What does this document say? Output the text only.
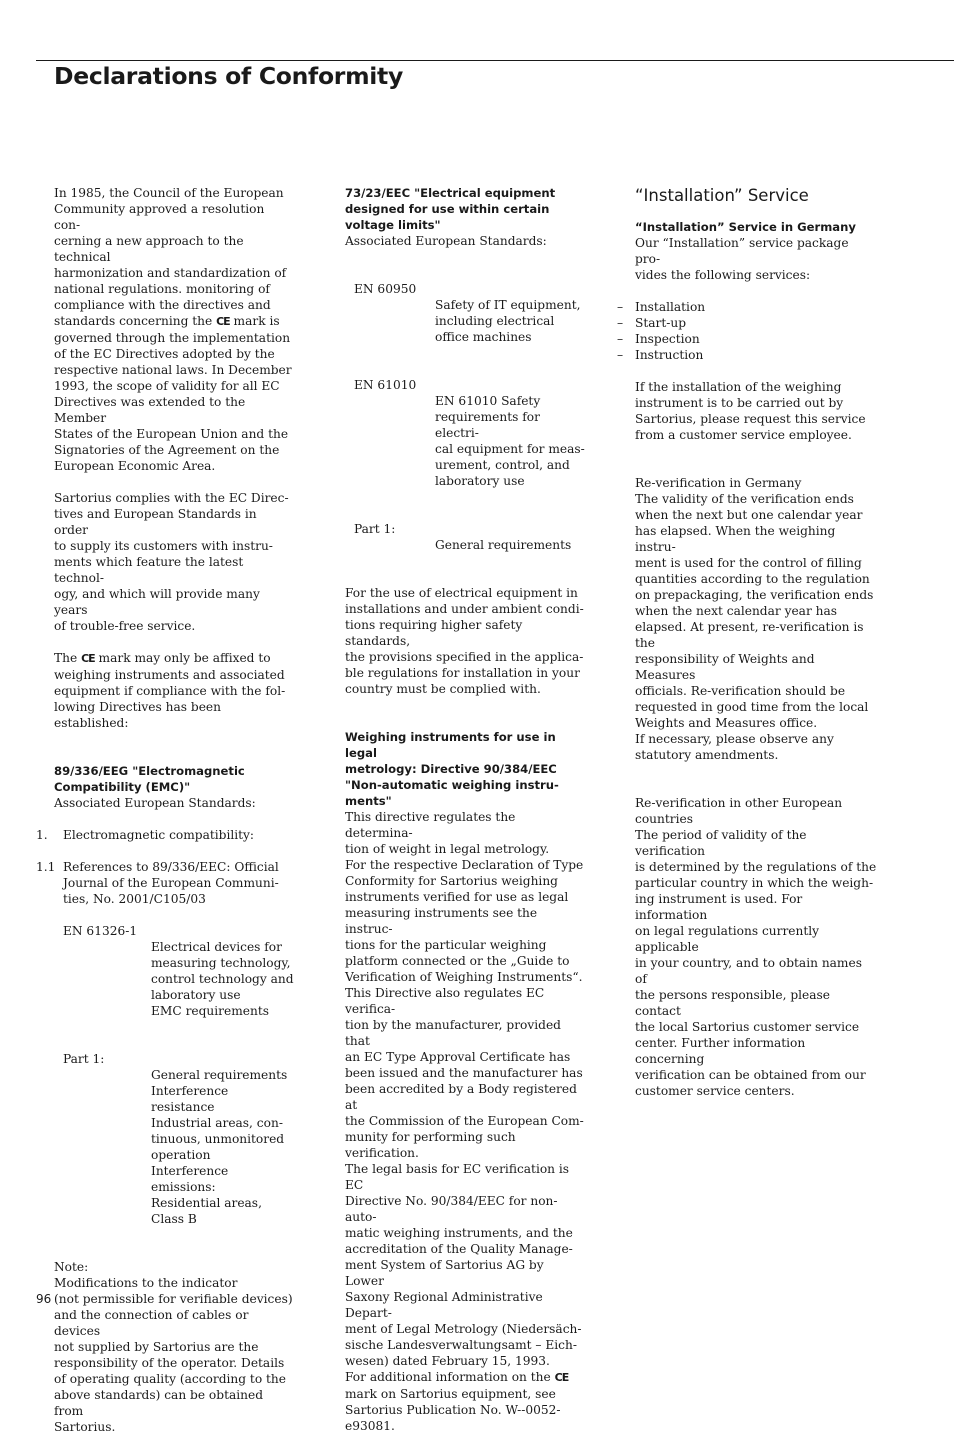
Declarations of Conformity

In 1985, the Council of the European
Community approved a resolution con-
cerning a new approach to the technical
harmonization and standardization of
national regulations. monitoring of
compliance with the directives and
standards concerning the CE mark is
governed through the implementation
of the EC Directives adopted by the
respective national laws. In December
1993, the scope of validity for all EC
Directives was extended to the Member
States of the European Union and the
Signatories of the Agreement on the
European Economic Area.

Sartorius complies with the EC Direc-
tives and European Standards in order
to supply its customers with instru-
ments which feature the latest technol-
ogy, and which will provide many years
of trouble-free service.

The CE mark may only be affixed to
weighing instruments and associated
equipment if compliance with the fol-
lowing Directives has been established:

89/336/EEG "Electromagnetic
Compatibility (EMC)"

Associated European Standards:

1. Electromagnetic compatibility:
1.1 References to 89/336/EEC: Official
Journal of the European Communi-
ties, No. 2001/C105/03

EN 61326-1

Electrical devices for
measuring technology,
control technology and
laboratory use
EMC requirements

Part 1:

General requirements
Interference resistance
Industrial areas, con-
tinuous, unmonitored
operation
Interference emissions:
Residential areas,
Class B

Note:

Modifications to the indicator
(not permissible for verifiable devices)
and the connection of cables or devices
not supplied by Sartorius are the
responsibility of the operator. Details
of operating quality (according to the
above standards) can be obtained from
Sartorius.

73/23/EEC "Electrical equipment
designed for use within certain
voltage limits"

Associated European Standards:

EN 60950

Safety of IT equipment,
including electrical
office machines

EN 61010

EN 61010 Safety
requirements for electri-
cal equipment for meas-
urement, control, and
laboratory use

Part 1:

General requirements

For the use of electrical equipment in
installations and under ambient condi-
tions requiring higher safety standards,
the provisions specified in the applica-
ble regulations for installation in your
country must be complied with.

Weighing instruments for use in legal
metrology: Directive 90/384/EEC
"Non-automatic weighing instru-
ments"

This directive regulates the determina-
tion of weight in legal metrology.
For the respective Declaration of Type
Conformity for Sartorius weighing
instruments verified for use as legal
measuring instruments see the instruc-
tions for the particular weighing
platform connected or the „Guide to
Verification of Weighing Instruments“.
This Directive also regulates EC verifica-
tion by the manufacturer, provided that
an EC Type Approval Certificate has
been issued and the manufacturer has
been accredited by a Body registered at
the Commission of the European Com-
munity for performing such verification.
The legal basis for EC verification is EC
Directive No. 90/384/EEC for non-auto-
matic weighing instruments, and the
accreditation of the Quality Manage-
ment System of Sartorius AG by Lower
Saxony Regional Administrative Depart-
ment of Legal Metrology (Niedersäch-
sische Landesverwaltungsamt – Eich-
wesen) dated February 15, 1993.
For additional information on the CE
mark on Sartorius equipment, see
Sartorius Publication No. W--0052-
e93081.

“Installation” Service

“Installation” Service in Germany

Our “Installation” service package pro-
vides the following services:

– Installation
– Start-up
– Inspection
– Instruction

If the installation of the weighing
instrument is to be carried out by
Sartorius, please request this service
from a customer service employee.

Re-verification in Germany

The validity of the verification ends
when the next but one calendar year
has elapsed. When the weighing instru-
ment is used for the control of filling
quantities according to the regulation
on prepackaging, the verification ends
when the next calendar year has
elapsed. At present, re-verification is the
responsibility of Weights and Measures
officials. Re-verification should be
requested in good time from the local
Weights and Measures office.
If necessary, please observe any
statutory amendments.

Re-verification in other European
countries

The period of validity of the verification
is determined by the regulations of the
particular country in which the weigh-
ing instrument is used. For information
on legal regulations currently applicable
in your country, and to obtain names of
the persons responsible, please contact
the local Sartorius customer service
center. Further information concerning
verification can be obtained from our
customer service centers.

96
